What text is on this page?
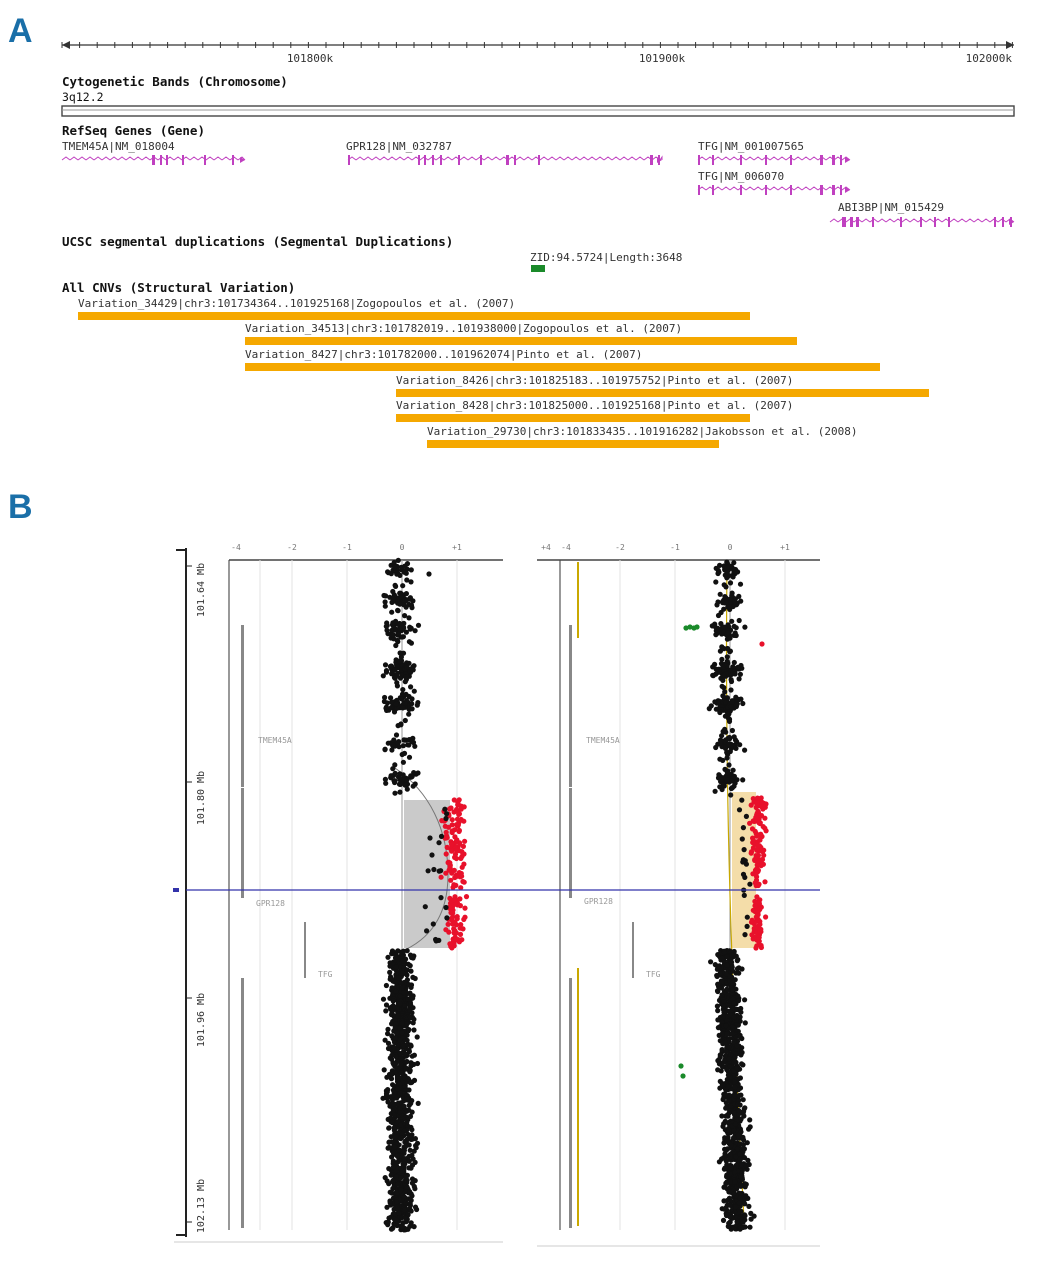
A
B
101800k	101900k	102000k
Cytogenetic Bands (Chromosome)
3q12.2
RefSeq Genes (Gene)
TMEM45A|NM_018004	GPR128|NM_032787	TFG|NM_001007565
TFG|NM_006070
ABI3BP|NM_015429
UCSC segmental duplications (Segmental Duplications)
ZID:94.5724|Length:3648
All CNVs (Structural Variation)
Variation_34429|chr3:101734364..101925168|Zogopoulos et al. (2007)
Variation_34513|chr3:101782019..101938000|Zogopoulos et al. (2007)
Variation_8427|chr3:101782000..101962074|Pinto et al. (2007)
Variation_8426|chr3:101825183..101975752|Pinto et al. (2007)
Variation_8428|chr3:101825000..101925168|Pinto et al. (2007)
Variation_29730|chr3:101833435..101916282|Jakobsson et al. (2008)
101.64 Mb
101.80 Mb
101.96 Mb
102.13 Mb
-4	-2	-1	0	+1
TMEM45A
GPR128
TFG
+4 -4	-2	-1	0	+1
TMEM45A
GPR128
TFG
